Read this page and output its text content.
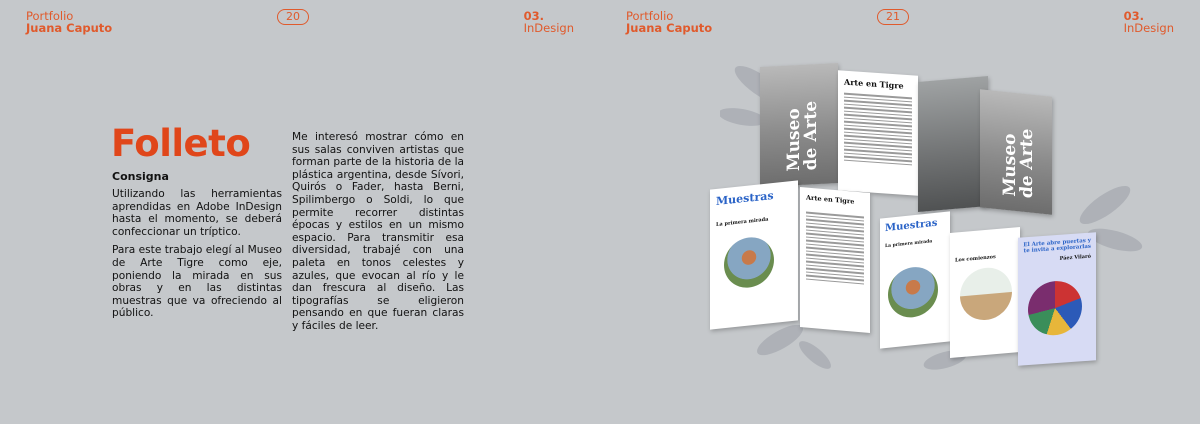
Portfolio
Juana Caputo
20	03.
InDesign
Folleto
Consigna

Utilizando las herramientas aprendidas en Adobe InDesign hasta el momento, se deberá confeccionar un tríptico.

Para este trabajo elegí al Museo de Arte Tigre como eje, poniendo la mirada en sus obras y en las distintas muestras que va ofreciendo al público.

Me interesó mostrar cómo en sus salas conviven artistas que forman parte de la historia de la plástica argentina, desde Sívori, Quirós o Fader, hasta Berni, Spilimbergo o Soldi, lo que permite recorrer distintas épocas y estilos en un mismo espacio. Para transmitir esa diversidad, trabajé con una paleta en tonos celestes y azules, que evocan al río y le dan frescura al diseño. Las tipografías se eligieron pensando en que fueran claras y fáciles de leer.

Portfolio
Juana Caputo
21	03.
InDesign
Museo
de Arte
Arte en Tigre
Museo
de Arte
Muestras
La primera mirada
Arte en Tigre
Muestras
La primera mirada
Los comienzos
El Arte abre puertas y te invita a explorarlas
Páez Vilaró
